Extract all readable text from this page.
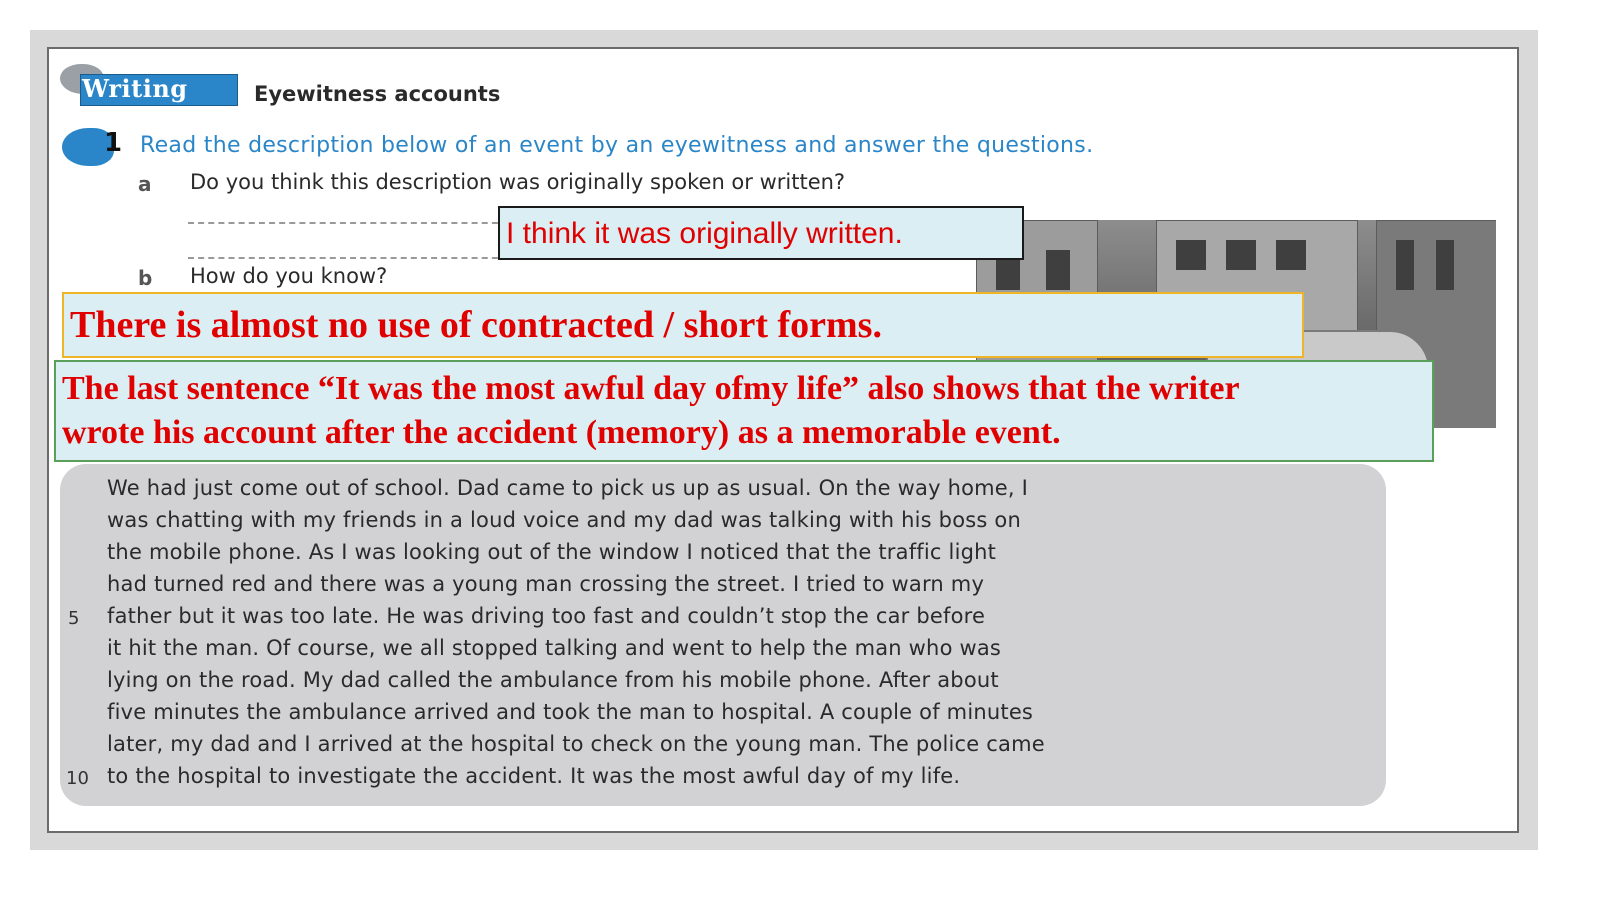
Writing	Eyewitness accounts
1 Read the description below of an event by an eyewitness and answer the questions.
a Do you think this description was originally spoken or written?
b How do you know?
I think it was originally written.
There is almost no use of contracted / short forms.
The last sentence “It was the most awful day ofmy life” also shows that the writer
wrote his account after the accident (memory) as a memorable event.
We had just come out of school. Dad came to pick us up as usual. On the way home, I
was chatting with my friends in a loud voice and my dad was talking with his boss on
the mobile phone. As I was looking out of the window I noticed that the traffic light
had turned red and there was a young man crossing the street. I tried to warn my
father but it was too late. He was driving too fast and couldn’t stop the car before
it hit the man. Of course, we all stopped talking and went to help the man who was
lying on the road. My dad called the ambulance from his mobile phone. After about
five minutes the ambulance arrived and took the man to hospital. A couple of minutes
later, my dad and I arrived at the hospital to check on the young man. The police came
to the hospital to investigate the accident. It was the most awful day of my life.
5
10
